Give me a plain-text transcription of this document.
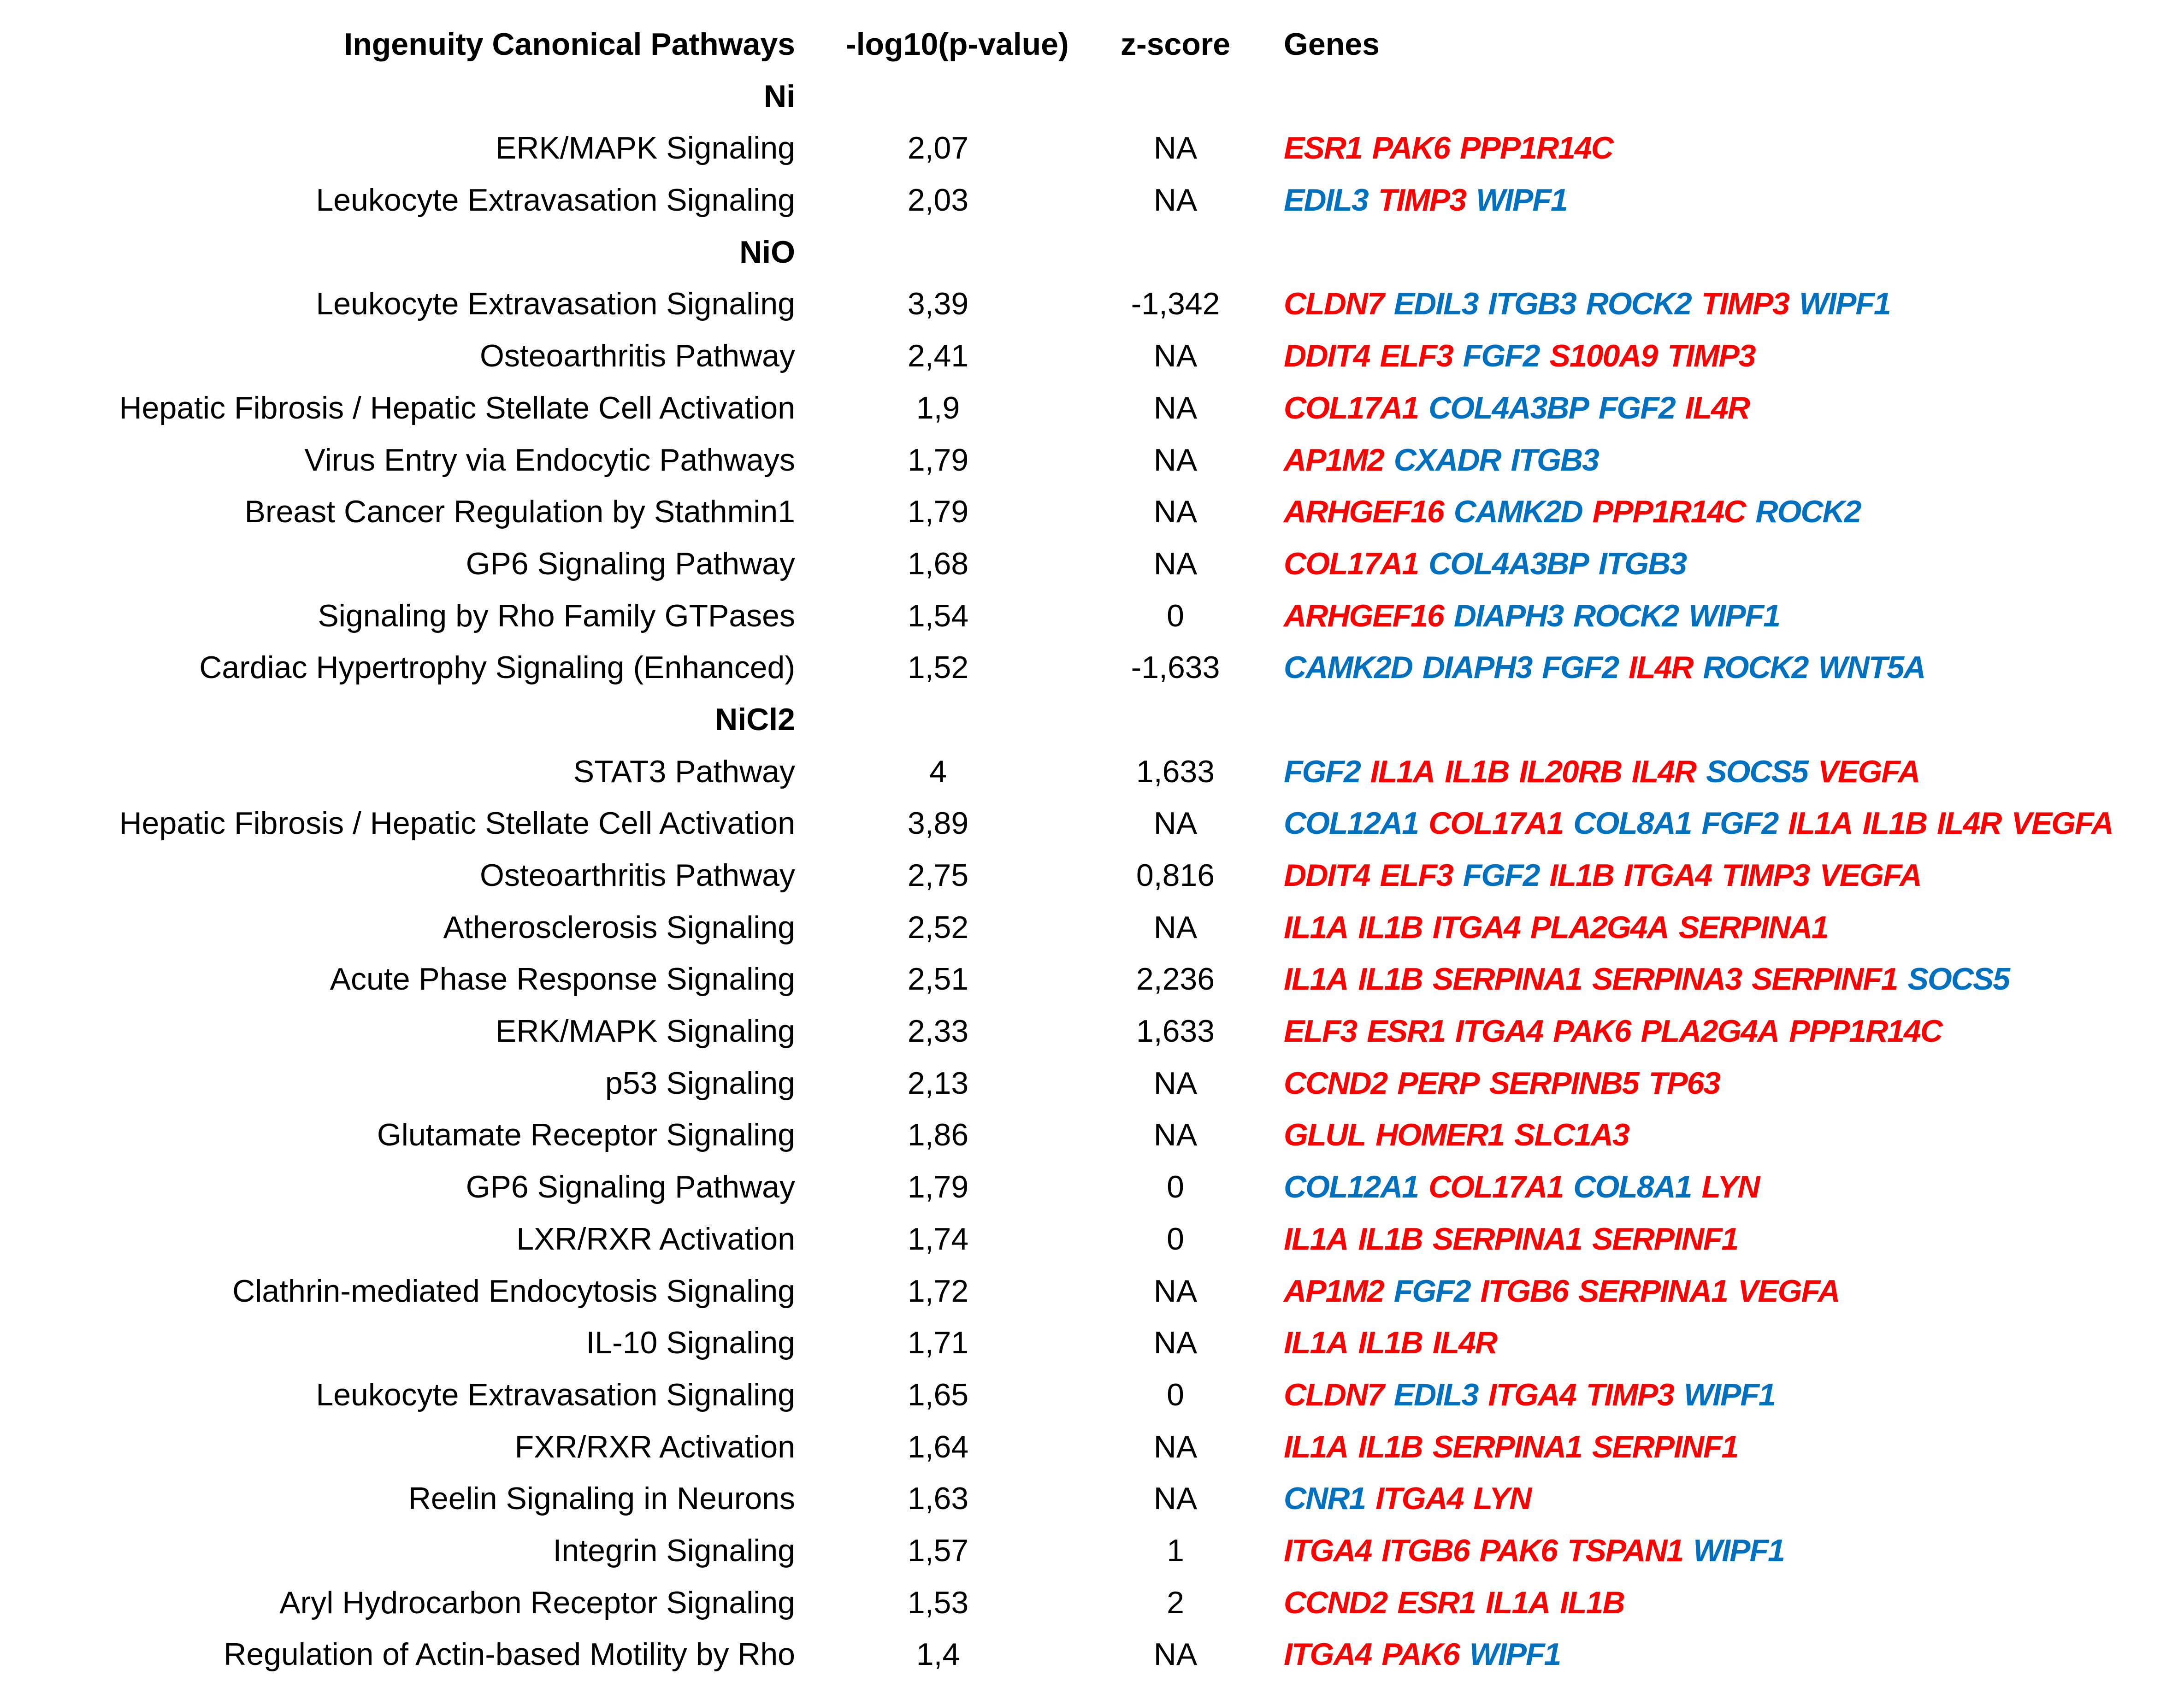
Ingenuity Canonical Pathways -log10(p-value)	z-score	Genes
Ni
ERK/MAPK Signaling	2,07	NA	ESR1 PAK6 PPP1R14C
Leukocyte Extravasation Signaling	2,03	NA	EDIL3 TIMP3 WIPF1
NiO
Leukocyte Extravasation Signaling	3,39	-1,342	CLDN7 EDIL3 ITGB3 ROCK2 TIMP3 WIPF1
Osteoarthritis Pathway	2,41	NA	DDIT4 ELF3 FGF2 S100A9 TIMP3
Hepatic Fibrosis / Hepatic Stellate Cell Activation	1,9	NA	COL17A1 COL4A3BP FGF2 IL4R
Virus Entry via Endocytic Pathways	1,79	NA	AP1M2 CXADR ITGB3
Breast Cancer Regulation by Stathmin1	1,79	NA	ARHGEF16 CAMK2D PPP1R14C ROCK2
GP6 Signaling Pathway	1,68	NA	COL17A1 COL4A3BP ITGB3
Signaling by Rho Family GTPases	1,54	0	ARHGEF16 DIAPH3 ROCK2 WIPF1
Cardiac Hypertrophy Signaling (Enhanced)	1,52	-1,633	CAMK2D DIAPH3 FGF2 IL4R ROCK2 WNT5A
NiCl2
STAT3 Pathway	4	1,633	FGF2 IL1A IL1B IL20RB IL4R SOCS5 VEGFA
Hepatic Fibrosis / Hepatic Stellate Cell Activation	3,89	NA	COL12A1 COL17A1 COL8A1 FGF2 IL1A IL1B IL4R VEGFA
Osteoarthritis Pathway	2,75	0,816	DDIT4 ELF3 FGF2 IL1B ITGA4 TIMP3 VEGFA
Atherosclerosis Signaling	2,52	NA	IL1A IL1B ITGA4 PLA2G4A SERPINA1
Acute Phase Response Signaling	2,51	2,236	IL1A IL1B SERPINA1 SERPINA3 SERPINF1 SOCS5
ERK/MAPK Signaling	2,33	1,633	ELF3 ESR1 ITGA4 PAK6 PLA2G4A PPP1R14C
p53 Signaling	2,13	NA	CCND2 PERP SERPINB5 TP63
Glutamate Receptor Signaling	1,86	NA	GLUL HOMER1 SLC1A3
GP6 Signaling Pathway	1,79	0	COL12A1 COL17A1 COL8A1 LYN
LXR/RXR Activation	1,74	0	IL1A IL1B SERPINA1 SERPINF1
Clathrin-mediated Endocytosis Signaling	1,72	NA	AP1M2 FGF2 ITGB6 SERPINA1 VEGFA
IL-10 Signaling	1,71	NA	IL1A IL1B IL4R
Leukocyte Extravasation Signaling	1,65	0	CLDN7 EDIL3 ITGA4 TIMP3 WIPF1
FXR/RXR Activation	1,64	NA	IL1A IL1B SERPINA1 SERPINF1
Reelin Signaling in Neurons	1,63	NA	CNR1 ITGA4 LYN
Integrin Signaling	1,57	1	ITGA4 ITGB6 PAK6 TSPAN1 WIPF1
Aryl Hydrocarbon Receptor Signaling	1,53	2	CCND2 ESR1 IL1A IL1B
Regulation of Actin-based Motility by Rho	1,4	NA	ITGA4 PAK6 WIPF1
